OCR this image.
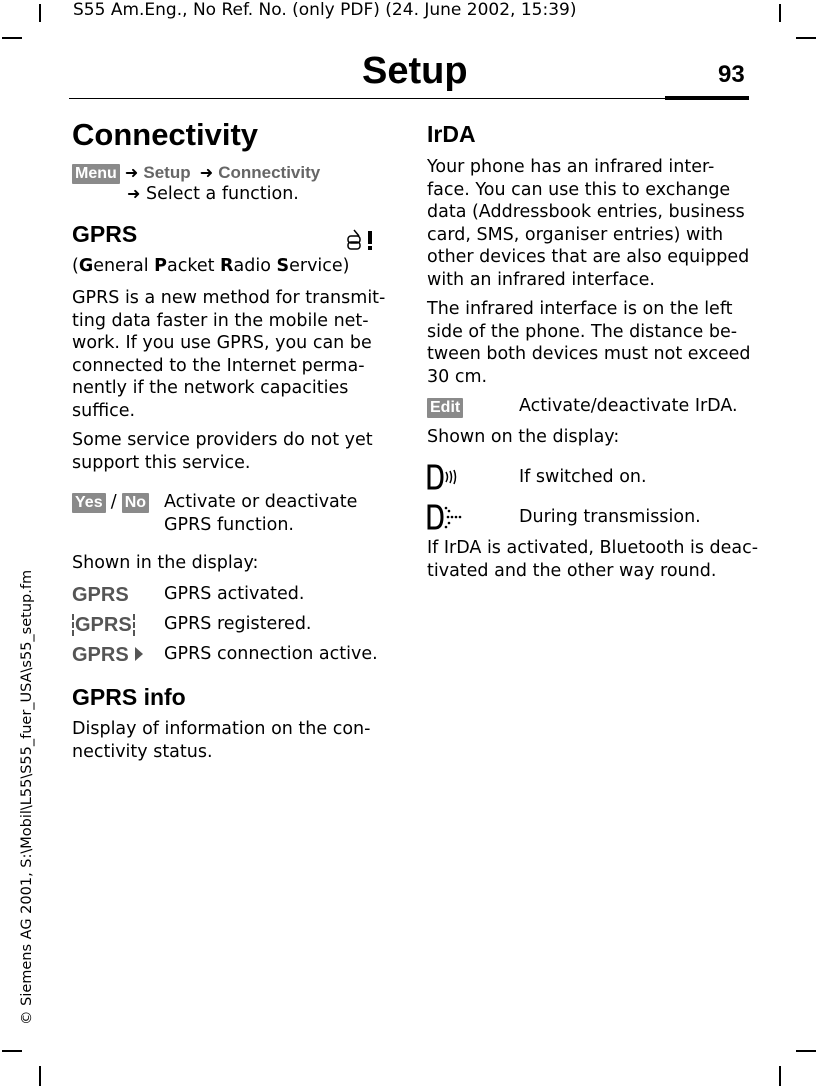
S55 Am.Eng., No Ref. No. (only PDF) (24. June 2002, 15:39)
Setup	93
© Siemens AG 2001, S:\Mobil\L55\S55_fuer_USA\s55_setup.fm
Connectivity
Menu ➜ Setup ➜ Connectivity
➜ Select a function.
GPRS
(General Packet Radio Service)
GPRS is a new method for transmit-
ting data faster in the mobile net-
work. If you use GPRS, you can be
connected to the Internet perma-
nently if the network capacities
suffice.
Some service providers do not yet
support this service.
Yes / No Activate or deactivate
GPRS function.
Shown in the display:
GPRS GPRS activated.
GPRS GPRS registered.
GPRS	GPRS connection active.
GPRS info
Display of information on the con-
nectivity status.
IrDA
Your phone has an infrared inter-
face. You can use this to exchange
data (Addressbook entries, business
card, SMS, organiser entries) with
other devices that are also equipped
with an infrared interface.
The infrared interface is on the left
side of the phone. The distance be-
tween both devices must not exceed
30 cm.
Edit	Activate/deactivate IrDA.
Shown on the display:
If switched on.
During transmission.
If IrDA is activated, Bluetooth is deac-
tivated and the other way round.
